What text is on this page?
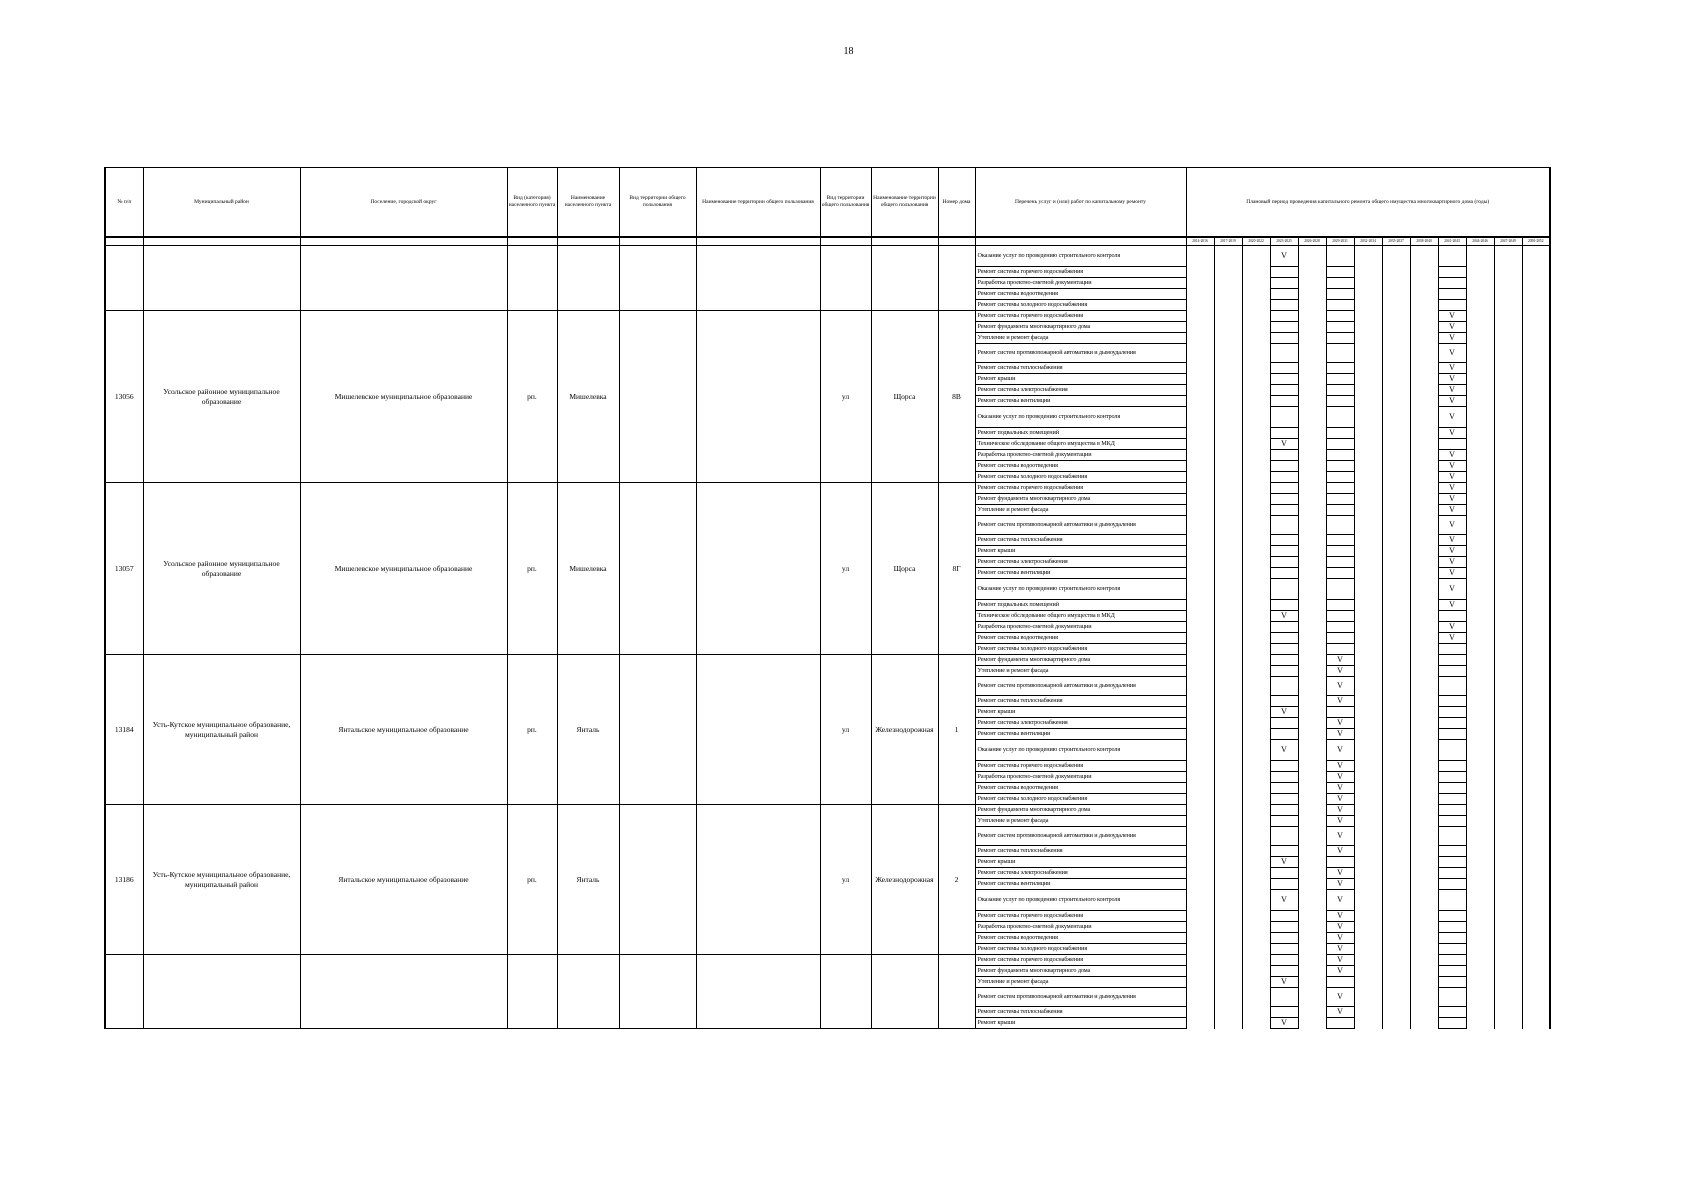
18
№ п/п	Муниципальный район	Поселение, городской округ	Вид (категория) населенного пункта	Наименование населенного пункта	Вид территории общего пользования	Наименование территории общего пользования	Вид территории общего пользования	Наименование территории общего пользования	Номер дома	Перечень услуг и (или) работ по капитальному ремонту	Плановый период проведения капитального ремонта общего имущества многоквартирного дома (годы)												
											2014-2016	2017-2019	2020-2022	2023-2025	2026-2028	2029-2031	2032-2034	2035-2037	2038-2040	2041-2043	2044-2046	2047-2049	2050-2052
										Оказание услуг по проведению строительного контроля				V									
										Ремонт системы горячего водоснабжения													
										Разработка проектно-сметной документации													
										Ремонт системы водоотведения													
										Ремонт системы холодного водоснабжения													
13056	Усольское районное муниципальное образование	Мишелевское муниципальное образование	рп.	Мишелевка			ул	Щорса	8В	Ремонт системы горячего водоснабжения										V			
										Ремонт фундамента многоквартирного дома										V			
										Утепление и ремонт фасада										V			
										Ремонт систем противопожарной автоматики и дымоудаления										V			
										Ремонт системы теплоснабжения										V			
										Ремонт крыши										V			
										Ремонт системы электроснабжения										V			
										Ремонт системы вентиляции										V			
										Оказание услуг по проведению строительного контроля										V			
										Ремонт подвальных помещений										V			
										Техническое обследование общего имущества в МКД				V									
										Разработка проектно-сметной документации										V			
										Ремонт системы водоотведения										V			
										Ремонт системы холодного водоснабжения										V			
13057	Усольское районное муниципальное образование	Мишелевское муниципальное образование	рп.	Мишелевка			ул	Щорса	8Г	Ремонт системы горячего водоснабжения										V			
										Ремонт фундамента многоквартирного дома										V			
										Утепление и ремонт фасада										V			
										Ремонт систем противопожарной автоматики и дымоудаления										V			
										Ремонт системы теплоснабжения										V			
										Ремонт крыши										V			
										Ремонт системы электроснабжения										V			
										Ремонт системы вентиляции										V			
										Оказание услуг по проведению строительного контроля										V			
										Ремонт подвальных помещений										V			
										Техническое обследование общего имущества в МКД				V									
										Разработка проектно-сметной документации										V			
										Ремонт системы водоотведения										V			
										Ремонт системы холодного водоснабжения													
13184	Усть-Кутское муниципальное образование, муниципальный район	Янтальское муниципальное образование	рп.	Янталь			ул	Железнодорожная	1	Ремонт фундамента многоквартирного дома						V							
										Утепление и ремонт фасада						V							
										Ремонт систем противопожарной автоматики и дымоудаления						V							
										Ремонт системы теплоснабжения						V							
										Ремонт крыши				V									
										Ремонт системы электроснабжения						V							
										Ремонт системы вентиляции						V							
										Оказание услуг по проведению строительного контроля				V		V							
										Ремонт системы горячего водоснабжения						V							
										Разработка проектно-сметной документации						V							
										Ремонт системы водоотведения						V							
										Ремонт системы холодного водоснабжения						V							
13186	Усть-Кутское муниципальное образование, муниципальный район	Янтальское муниципальное образование	рп.	Янталь			ул	Железнодорожная	2	Ремонт фундамента многоквартирного дома						V							
										Утепление и ремонт фасада						V							
										Ремонт систем противопожарной автоматики и дымоудаления						V							
										Ремонт системы теплоснабжения						V							
										Ремонт крыши				V									
										Ремонт системы электроснабжения						V							
										Ремонт системы вентиляции						V							
										Оказание услуг по проведению строительного контроля				V		V							
										Ремонт системы горячего водоснабжения						V							
										Разработка проектно-сметной документации						V							
										Ремонт системы водоотведения						V							
										Ремонт системы холодного водоснабжения						V							
										Ремонт системы горячего водоснабжения						V							
										Ремонт фундамента многоквартирного дома						V							
										Утепление и ремонт фасада				V									
										Ремонт систем противопожарной автоматики и дымоудаления						V							
										Ремонт системы теплоснабжения						V							
										Ремонт крыши				V									
